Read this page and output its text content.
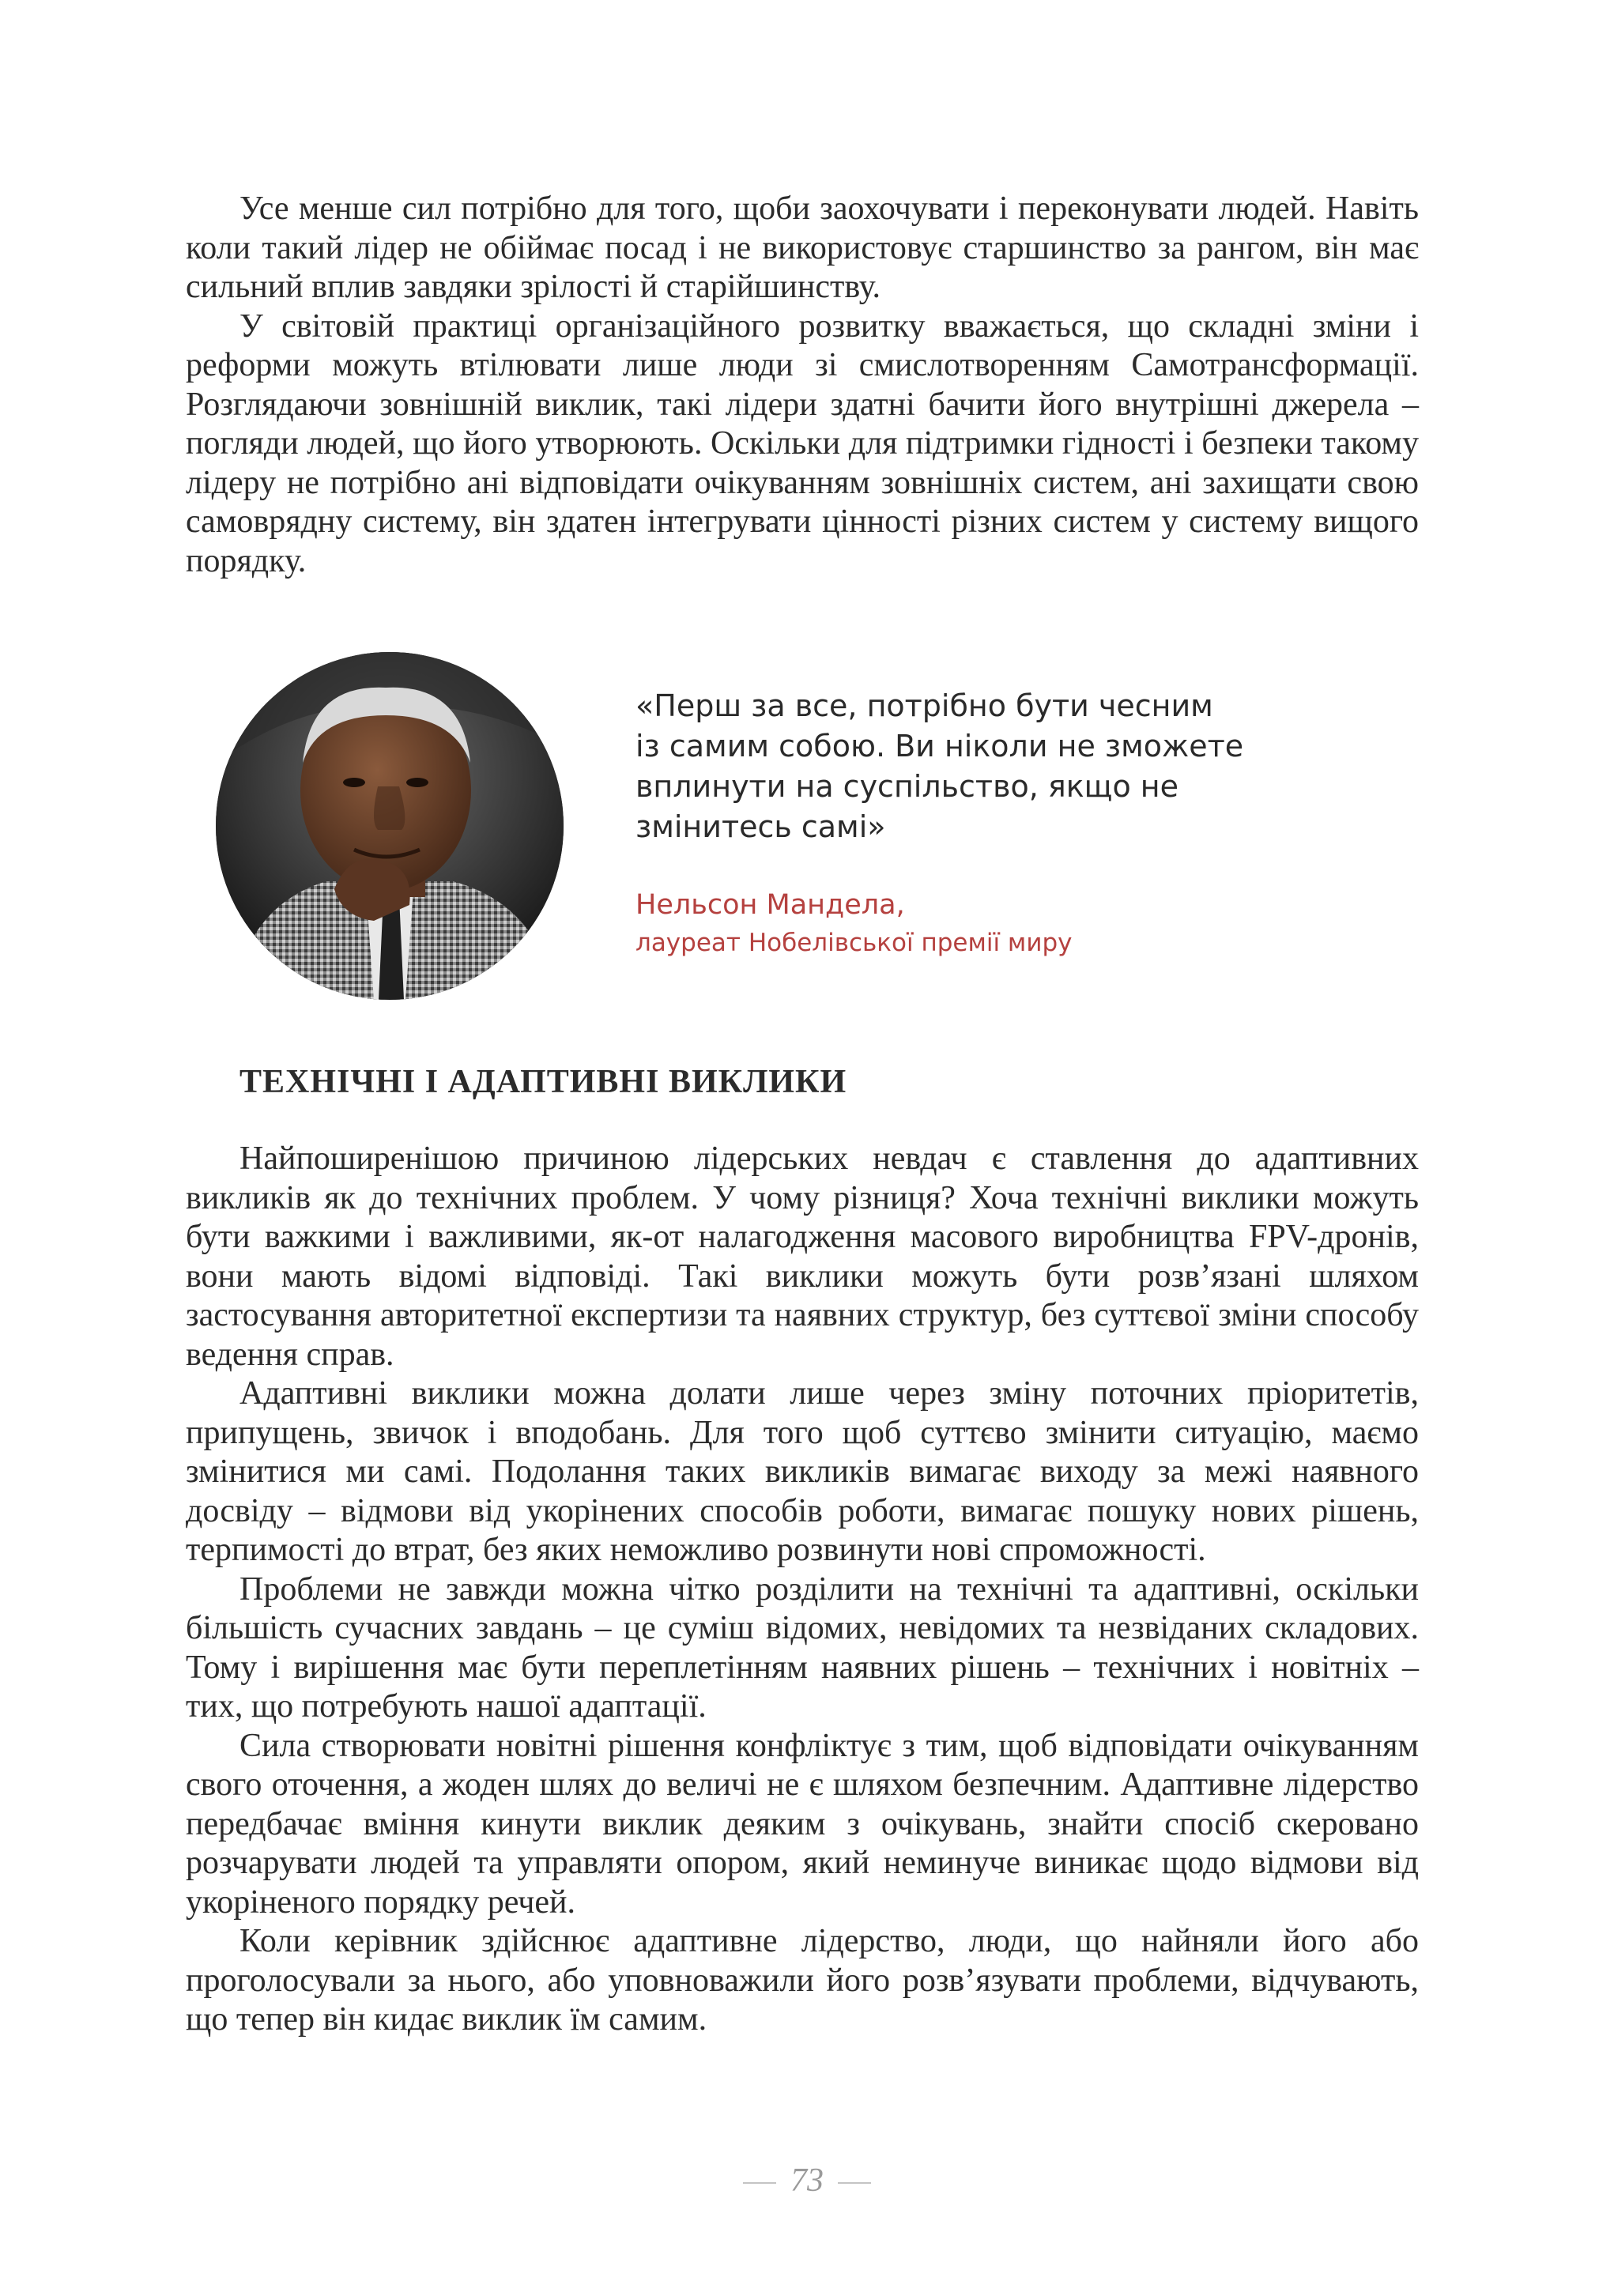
Усе менше сил потрібно для того, щоби заохочувати і переконувати людей. Навіть коли такий лідер не обіймає посад і не використовує старшинство за рангом, він має сильний вплив завдяки зрілості й старійшинству.

У світовій практиці організаційного розвитку вважається, що складні зміни і реформи можуть втілювати лише люди зі смислотворенням Самотрансформації. Розглядаючи зовнішній виклик, такі лідери здатні бачити його внутрішні джерела – погляди людей, що його утворюють. Оскільки для підтримки гідності і безпеки такому лідеру не потрібно ані відповідати очікуванням зовнішніх систем, ані захищати свою самоврядну систему, він здатен інтегрувати цінності різних систем у систему вищого порядку.

«Перш за все, потрібно бути чесним
із самим собою. Ви ніколи не зможете
вплинути на суспільство, якщо не
змінитесь самі»

Нельсон Мандела,

лауреат Нобелівської премії миру

ТЕХНІЧНІ І АДАПТИВНІ ВИКЛИКИ

Найпоширенішою причиною лідерських невдач є ставлення до адаптивних викликів як до технічних проблем. У чому різниця? Хоча технічні виклики можуть бути важкими і важливими, як-от налагодження масового виробництва FPV-дронів, вони мають відомі відповіді. Такі виклики можуть бути розв’язані шляхом застосування авторитетної експертизи та наявних структур, без суттєвої зміни способу ведення справ.

Адаптивні виклики можна долати лише через зміну поточних пріоритетів, припущень, звичок і вподобань. Для того щоб суттєво змінити ситуацію, маємо змінитися ми самі. Подолання таких викликів вимагає виходу за межі наявного досвіду – відмови від укорінених способів роботи, вимагає пошуку нових рішень, терпимості до втрат, без яких неможливо розвинути нові спроможності.

Проблеми не завжди можна чітко розділити на технічні та адаптивні, оскільки більшість сучасних завдань – це суміш відомих, невідомих та незвіданих складових. Тому і вирішення має бути переплетінням наявних рішень – технічних і новітніх – тих, що потребують нашої адаптації.

Сила створювати новітні рішення конфліктує з тим, щоб відповідати очікуванням свого оточення, а жоден шлях до величі не є шляхом безпечним. Адаптивне лідерство передбачає вміння кинути виклик деяким з очікувань, знайти спосіб скеровано розчарувати людей та управляти опором, який неминуче виникає щодо відмови від укоріненого порядку речей.

Коли керівник здійснює адаптивне лідерство, люди, що найняли його або проголосували за нього, або уповноважили його розв’язувати проблеми, відчувають, що тепер він кидає виклик їм самим.

73
